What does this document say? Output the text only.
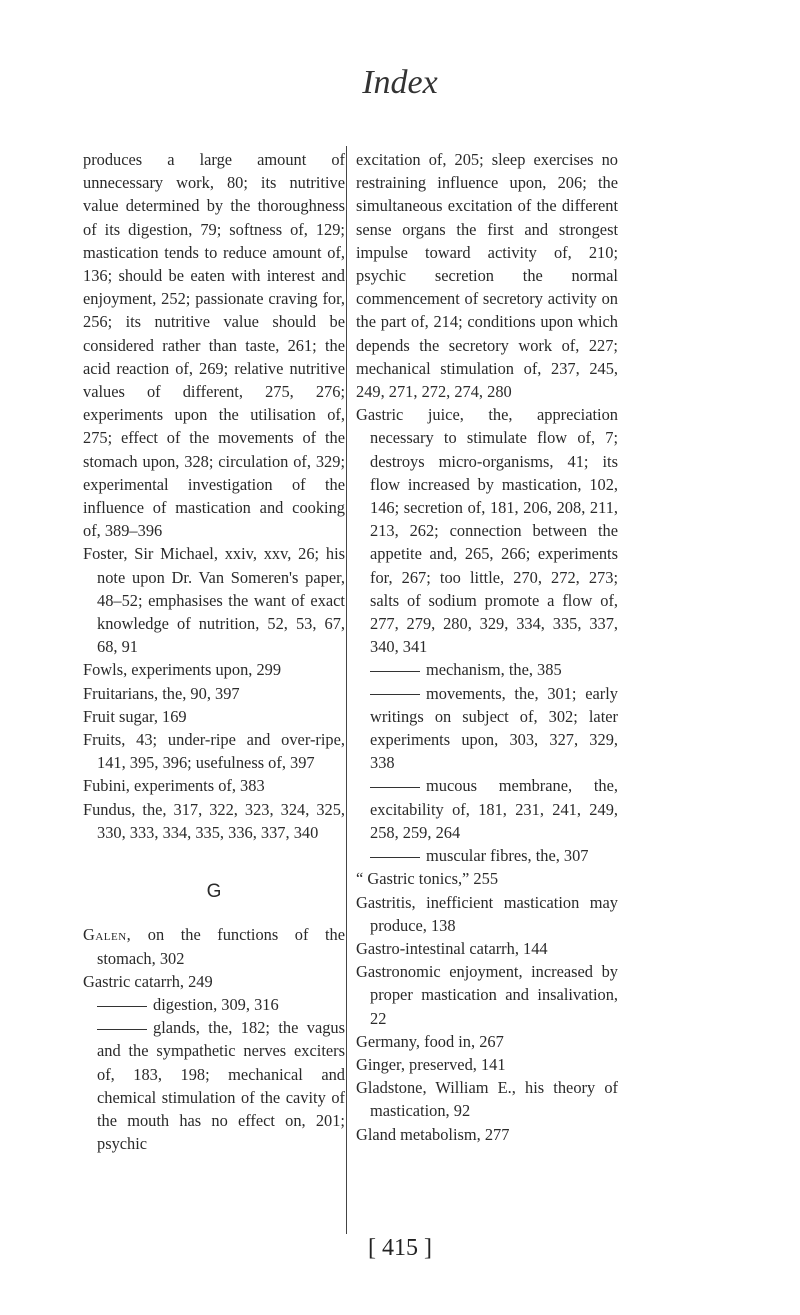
Index

produces a large amount of unnecessary work, 80; its nutritive value determined by the thoroughness of its digestion, 79; softness of, 129; mastication tends to reduce amount of, 136; should be eaten with interest and enjoyment, 252; passionate craving for, 256; its nutritive value should be considered rather than taste, 261; the acid reaction of, 269; relative nutritive values of different, 275, 276; experiments upon the utilisation of, 275; effect of the movements of the stomach upon, 328; circulation of, 329; experimental investigation of the influence of mastication and cooking of, 389–396

Foster, Sir Michael, xxiv, xxv, 26; his note upon Dr. Van Someren's paper, 48–52; emphasises the want of exact knowledge of nutrition, 52, 53, 67, 68, 91

Fowls, experiments upon, 299

Fruitarians, the, 90, 397

Fruit sugar, 169

Fruits, 43; under-ripe and over-ripe, 141, 395, 396; usefulness of, 397

Fubini, experiments of, 383

Fundus, the, 317, 322, 323, 324, 325, 330, 333, 334, 335, 336, 337, 340

G

Galen, on the functions of the stomach, 302

Gastric catarrh, 249

digestion, 309, 316

glands, the, 182; the vagus and the sympathetic nerves exciters of, 183, 198; mechanical and chemical stimulation of the cavity of the mouth has no effect on, 201; psychic

excitation of, 205; sleep exercises no restraining influence upon, 206; the simultaneous excitation of the different sense organs the first and strongest impulse toward activity of, 210; psychic secretion the normal commencement of secretory activity on the part of, 214; conditions upon which depends the secretory work of, 227; mechanical stimulation of, 237, 245, 249, 271, 272, 274, 280

Gastric juice, the, appreciation necessary to stimulate flow of, 7; destroys micro-organisms, 41; its flow increased by mastication, 102, 146; secretion of, 181, 206, 208, 211, 213, 262; connection between the appetite and, 265, 266; experiments for, 267; too little, 270, 272, 273; salts of sodium promote a flow of, 277, 279, 280, 329, 334, 335, 337, 340, 341

mechanism, the, 385

movements, the, 301; early writings on subject of, 302; later experiments upon, 303, 327, 329, 338

mucous membrane, the, excitability of, 181, 231, 241, 249, 258, 259, 264

muscular fibres, the, 307

“ Gastric tonics,” 255

Gastritis, inefficient mastication may produce, 138

Gastro-intestinal catarrh, 144

Gastronomic enjoyment, increased by proper mastication and insalivation, 22

Germany, food in, 267

Ginger, preserved, 141

Gladstone, William E., his theory of mastication, 92

Gland metabolism, 277

[ 415 ]
